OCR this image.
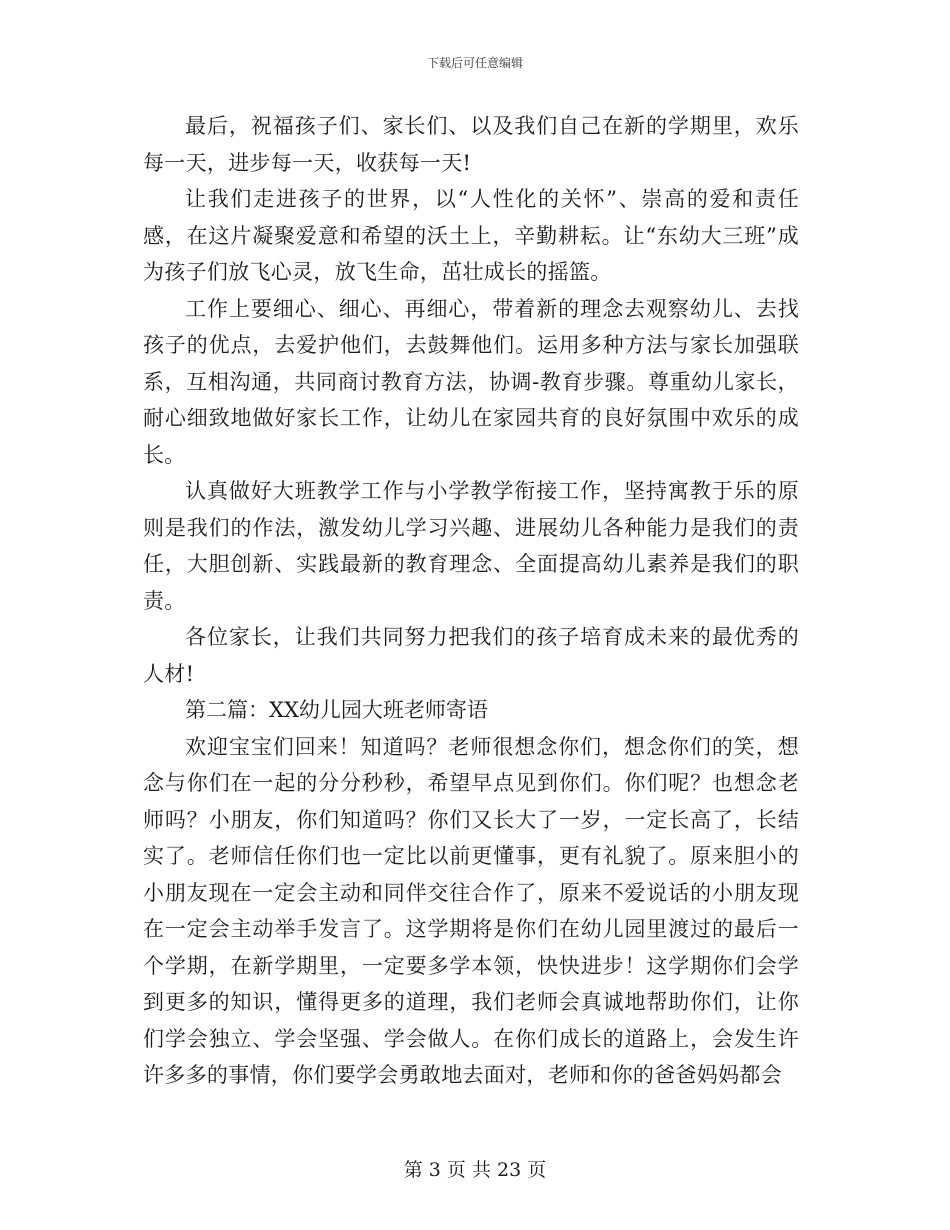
下载后可任意编辑

最后，祝福孩子们、家长们、以及我们自己在新的学期里，欢乐每一天，进步每一天，收获每一天!

让我们走进孩子的世界，以“人性化的关怀”、崇高的爱和责任感，在这片凝聚爱意和希望的沃土上，辛勤耕耘。让“东幼大三班”成为孩子们放飞心灵，放飞生命，茁壮成长的摇篮。

工作上要细心、细心、再细心，带着新的理念去观察幼儿、去找孩子的优点，去爱护他们，去鼓舞他们。运用多种方法与家长加强联系，互相沟通，共同商讨教育方法，协调-教育步骤。尊重幼儿家长，耐心细致地做好家长工作，让幼儿在家园共育的良好氛围中欢乐的成长。

认真做好大班教学工作与小学教学衔接工作，坚持寓教于乐的原则是我们的作法，激发幼儿学习兴趣、进展幼儿各种能力是我们的责任，大胆创新、实践最新的教育理念、全面提高幼儿素养是我们的职责。

各位家长，让我们共同努力把我们的孩子培育成未来的最优秀的人材!

第二篇：XX幼儿园大班老师寄语

欢迎宝宝们回来！知道吗？老师很想念你们，想念你们的笑，想念与你们在一起的分分秒秒，希望早点见到你们。你们呢？也想念老师吗？小朋友，你们知道吗？你们又长大了一岁，一定长高了，长结实了。老师信任你们也一定比以前更懂事，更有礼貌了。原来胆小的小朋友现在一定会主动和同伴交往合作了，原来不爱说话的小朋友现在一定会主动举手发言了。这学期将是你们在幼儿园里渡过的最后一个学期，在新学期里，一定要多学本领，快快进步！这学期你们会学到更多的知识，懂得更多的道理，我们老师会真诚地帮助你们，让你们学会独立、学会坚强、学会做人。在你们成长的道路上，会发生许许多多的事情，你们要学会勇敢地去面对，老师和你的爸爸妈妈都会

第 3 页 共 23 页
